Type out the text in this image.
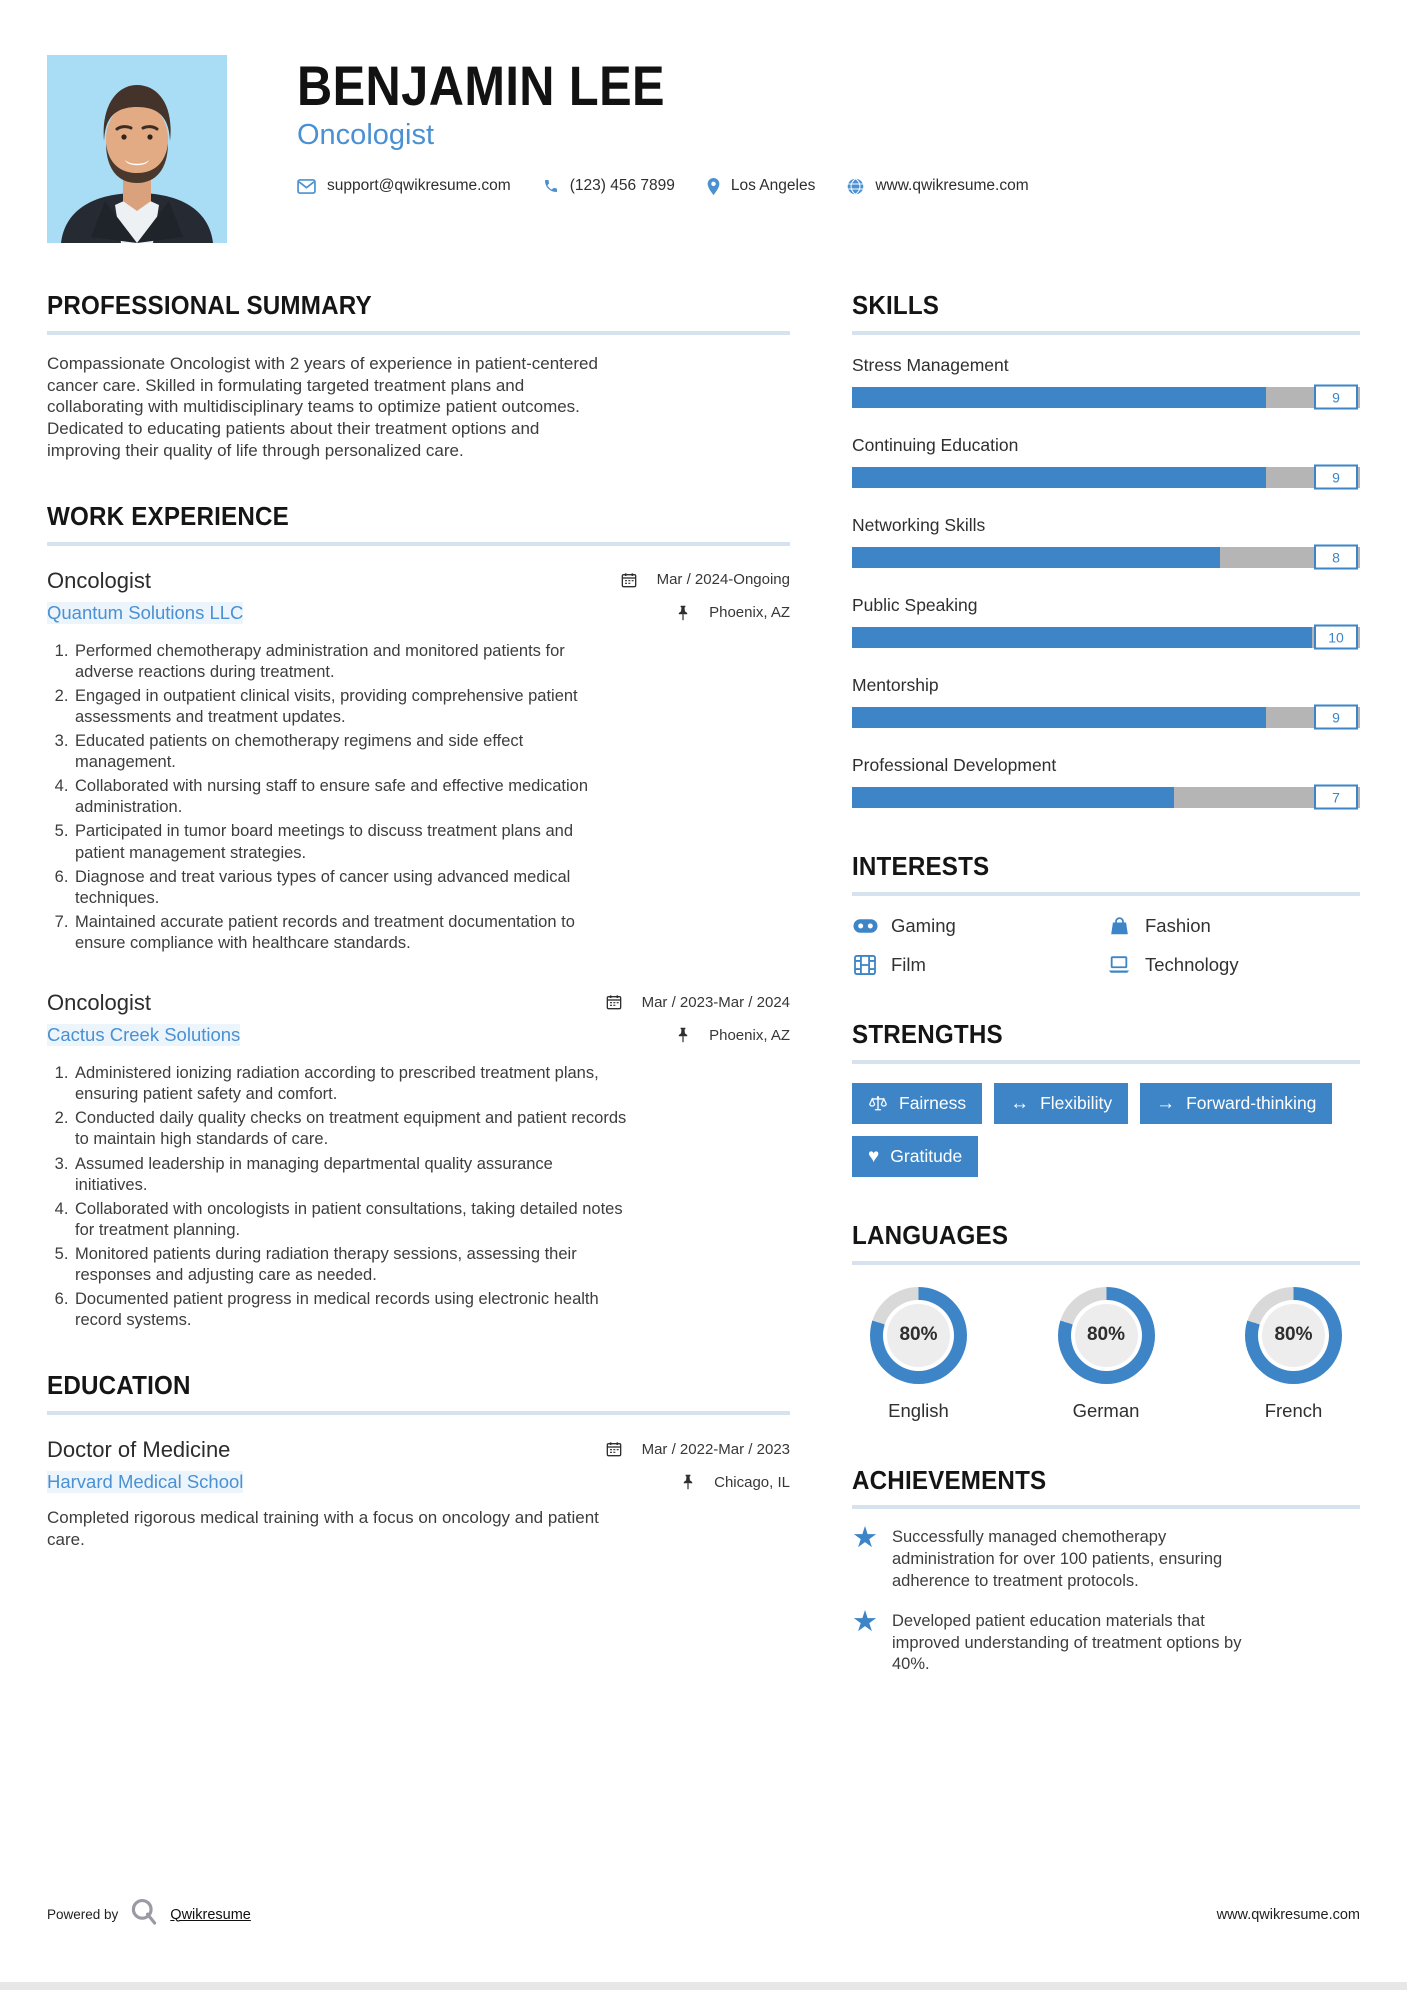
BENJAMIN LEE
Oncologist
support@qwikresume.com	(123) 456 7899	Los Angeles	www.qwikresume.com
PROFESSIONAL SUMMARY

Compassionate Oncologist with 2 years of experience in patient-centered cancer care. Skilled in formulating targeted treatment plans and collaborating with multidisciplinary teams to optimize patient outcomes. Dedicated to educating patients about their treatment options and improving their quality of life through personalized care.

WORK EXPERIENCE
Oncologist	Mar / 2024-Ongoing
Quantum Solutions LLC	Phoenix, AZ
1. Performed chemotherapy administration and monitored patients for adverse reactions during treatment.
2. Engaged in outpatient clinical visits, providing comprehensive patient assessments and treatment updates.
3. Educated patients on chemotherapy regimens and side effect management.
4. Collaborated with nursing staff to ensure safe and effective medication administration.
5. Participated in tumor board meetings to discuss treatment plans and patient management strategies.
6. Diagnose and treat various types of cancer using advanced medical techniques.
7. Maintained accurate patient records and treatment documentation to ensure compliance with healthcare standards.
Oncologist	Mar / 2023-Mar / 2024
Cactus Creek Solutions	Phoenix, AZ
1. Administered ionizing radiation according to prescribed treatment plans, ensuring patient safety and comfort.
2. Conducted daily quality checks on treatment equipment and patient records to maintain high standards of care.
3. Assumed leadership in managing departmental quality assurance initiatives.
4. Collaborated with oncologists in patient consultations, taking detailed notes for treatment planning.
5. Monitored patients during radiation therapy sessions, assessing their responses and adjusting care as needed.
6. Documented patient progress in medical records using electronic health record systems.
EDUCATION
Doctor of Medicine	Mar / 2022-Mar / 2023
Harvard Medical School	Chicago, IL

Completed rigorous medical training with a focus on oncology and patient care.

SKILLS
Stress Management
9
Continuing Education
9
Networking Skills
8
Public Speaking
10
Mentorship
9
Professional Development
7
INTERESTS
Gaming	Fashion
Film	Technology
STRENGTHS
Fairness ↔ Flexibility → Forward-thinking
♥ Gratitude
LANGUAGES
80%
English
80%
German
80%
French
ACHIEVEMENTS
★ Successfully managed chemotherapy administration for over 100 patients, ensuring adherence to treatment protocols.

★ Developed patient education materials that improved understanding of treatment options by 40%.

Powered by	Qwikresume	www.qwikresume.com
